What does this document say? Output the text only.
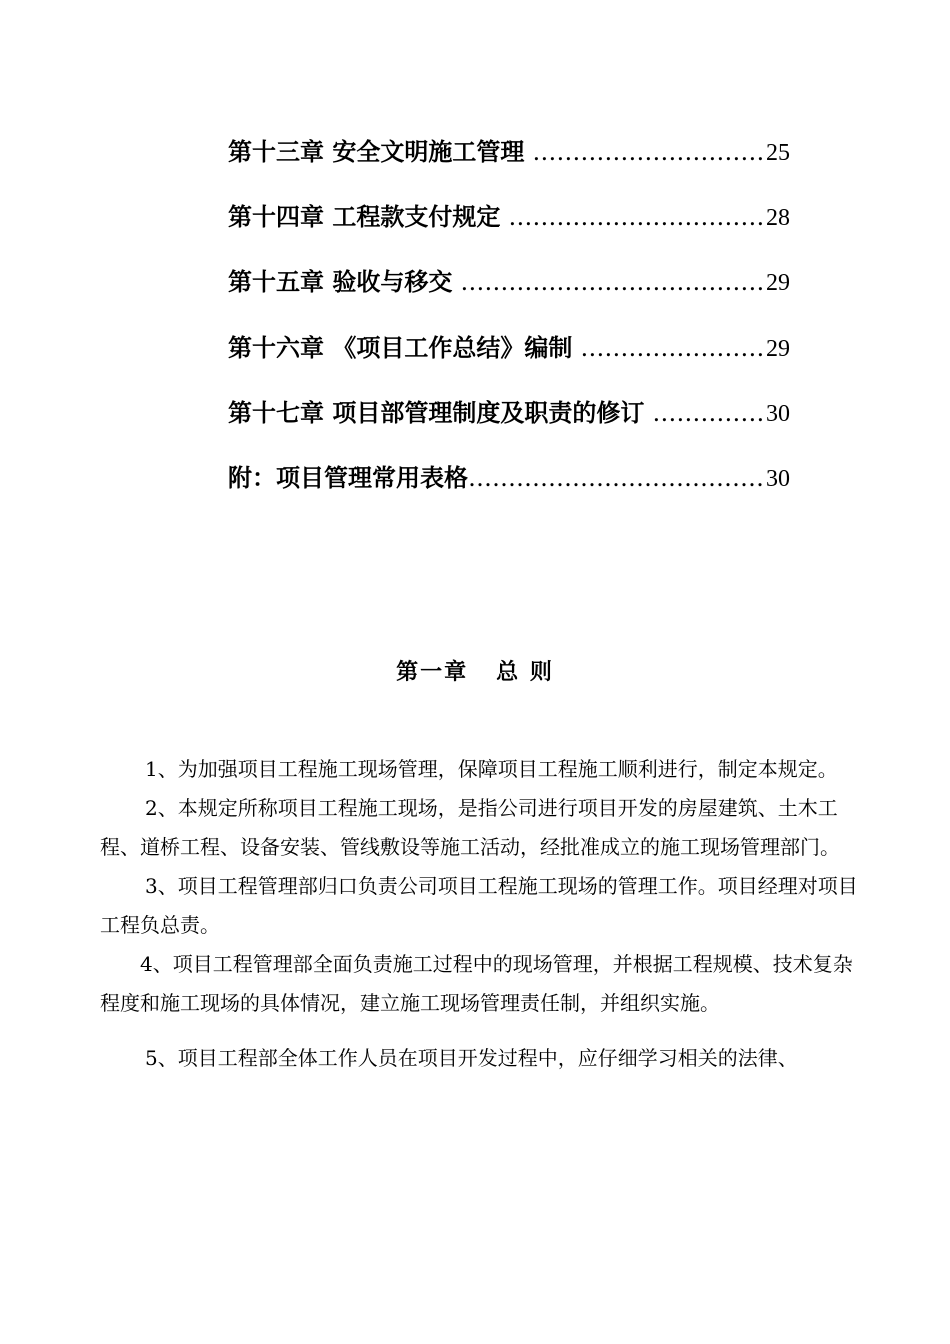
第十三章 安全文明施工管理 ……………………………………………………………………………………………………	25
第十四章 工程款支付规定 ……………………………………………………………………………………………………	28
第十五章 验收与移交 ……………………………………………………………………………………………………	29
第十六章 《项目工作总结》编制 ……………………………………………………………………………………………………	29
第十七章 项目部管理制度及职责的修订 ……………………………………………………………………………………………………	30
附：项目管理常用表格 ……………………………………………………………………………………………………	30
第一章 总 则

1、为加强项目工程施工现场管理，保障项目工程施工顺利进行，制定本规定。

2、本规定所称项目工程施工现场，是指公司进行项目开发的房屋建筑、土木工程、道桥工程、设备安装、管线敷设等施工活动，经批准成立的施工现场管理部门。

3、项目工程管理部归口负责公司项目工程施工现场的管理工作。项目经理对项目工程负总责。

4、项目工程管理部全面负责施工过程中的现场管理，并根据工程规模、技术复杂程度和施工现场的具体情况，建立施工现场管理责任制，并组织实施。

5、项目工程部全体工作人员在项目开发过程中，应仔细学习相关的法律、
